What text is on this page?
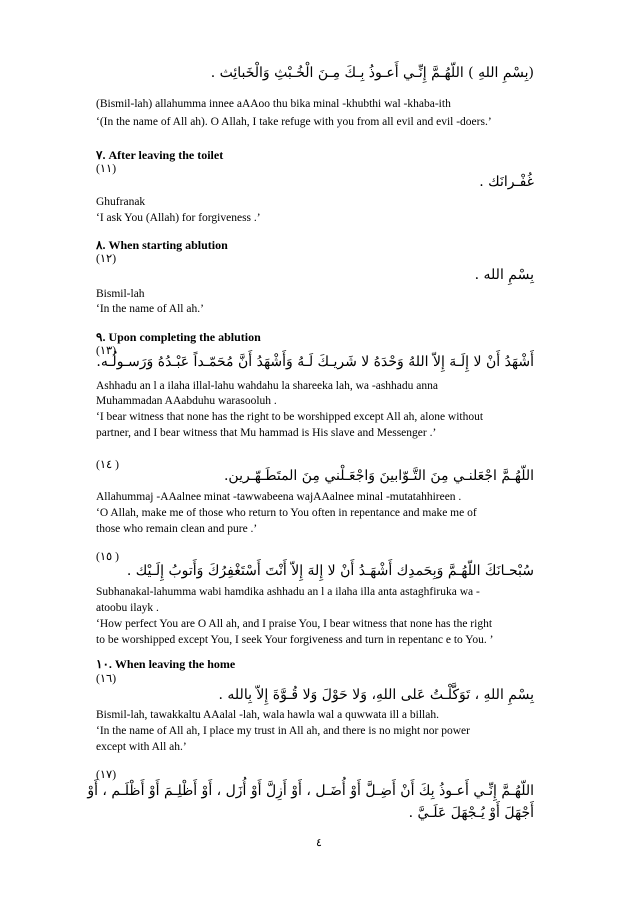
(بِسْمِ اللهِ ) اللّهُـمَّ إِنِّـي أَعـوذُ بِـكَ مِـنَ الْخُـبْثِ وَالْخَبائِث .
(Bismil-lah) allahumma innee aAAoo thu bika minal -khubthi wal -khaba-ith
‘(In the name of All ah). O Allah, I take refuge with you from all evil and evil -doers.’
٧. After leaving the toilet
(١١)
غُفْـرانَك .
Ghufranak
‘I ask You (Allah) for forgiveness .’
٨. When starting ablution
(١٢)
بِسْمِ الله .
Bismil-lah
‘In the name of All ah.’
٩. Upon completing the ablution
(١٣)
أَشْهَدُ أَنْ لا إِلَـهَ إِلاّ اللهُ وَحْدَهُ لا شَريـكَ لَـهُ وَأَشْهَدُ أَنَّ مُحَمّـداً عَبْـدُهُ وَرَسـولُـه.
Ashhadu an l a ilaha illal-lahu wahdahu la shareeka lah, wa -ashhadu anna
Muhammadan AAabduhu warasooluh .
‘I bear witness that none has the right to be worshipped except All ah, alone without
partner, and I bear witness that Mu hammad is His slave and Messenger .’
(١٤ )
اللّهُـمَّ اجْعَلنـي مِنَ التَّـوّابينَ وَاجْعَـلْني مِنَ المتَطَـهّـرين.
Allahummaj -AAalnee minat -tawwabeena wajAAalnee minal -mutatahhireen .
‘O Allah, make me of those who return to You often in repentance and make me of
those who remain clean and pure .’
(١٥ )
سُبْحـانَكَ اللّهُـمَّ وَبِحَمدِك أَشْهَـدُ أَنْ لا إِلهَ إِلاّ أَنْتَ أَسْتَغْفِرُكَ وَأَتوبُ إِلَـيْك .
Subhanakal-lahumma wabi hamdika ashhadu an l a ilaha illa anta astaghfiruka wa -
atoobu ilayk .
‘How perfect You are O All ah, and I praise You, I bear witness that none has the right
to be worshipped except You, I seek Your forgiveness and turn in repentanc e to You. ’
١٠. When leaving the home
(١٦)
بِسْمِ اللهِ ، تَوَكَّلْـتُ عَلى اللهِ، وَلا حَوْلَ وَلا قُـوَّةَ إِلاّ بِالله .
Bismil-lah, tawakkaltu AAalal -lah, wala hawla wal a quwwata ill a billah.
‘In the name of All ah, I place my trust in All ah, and there is no might nor power
except with All ah.’
(١٧)
اللّهُـمَّ إِنِّـي أَعـوذُ بِكَ أَنْ أَضِـلَّ أَوْ أُضَـل ، أَوْ أَزِلَّ أَوْ أُزَل ، أَوْ أَظْلِـمَ أَوْ أَظْلَـم ، أَوْ
أَجْهَلَ أَوْ يُـجْهَلَ عَلَـيَّ .
٤
